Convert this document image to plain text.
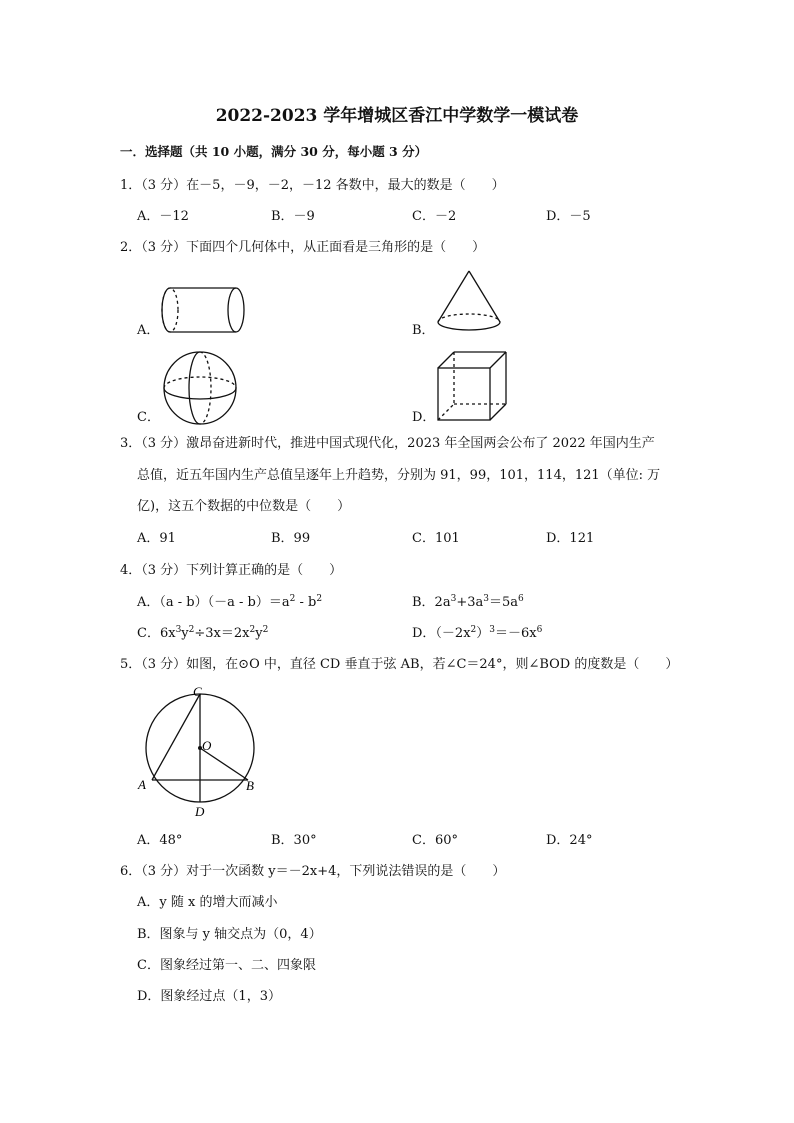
2022-2023 学年增城区香江中学数学一模试卷
一．选择题（共 10 小题，满分 30 分，每小题 3 分）
1．（3 分）在－5，－9，－2，－12 各数中，最大的数是（　　）
A．－12	B．－9	C．－2	D．－5
2．（3 分）下面四个几何体中，从正面看是三角形的是（　　）
A．	B．
C．	D．
3．（3 分）激昂奋进新时代，推进中国式现代化，2023 年全国两会公布了 2022 年国内生产
总值，近五年国内生产总值呈逐年上升趋势，分别为 91，99，101，114，121（单位: 万
亿)，这五个数据的中位数是（　　）
A．91	B．99	C．101	D．121
4．（3 分）下列计算正确的是（　　）
A．$(a - b)(-a - b)=a^2 - b^2$	B．$2a^3+3a^3=5a^6$
C．$6x^3y^2\div 3x=2x^2y^2$	D．$(-2x^2)^3=-6x^6$
5．（3 分）如图，在⊙O 中，直径 CD 垂直于弦 AB，若∠C＝24°，则∠BOD 的度数是（　　）
C
O
A	B
D
A．48°	B．30°	C．60°	D．24°
6．（3 分）对于一次函数 y＝－2x+4，下列说法错误的是（　　）
A．y 随 x 的增大而减小
B．图象与 y 轴交点为（0，4）
C．图象经过第一、二、四象限
D．图象经过点（1，3）
